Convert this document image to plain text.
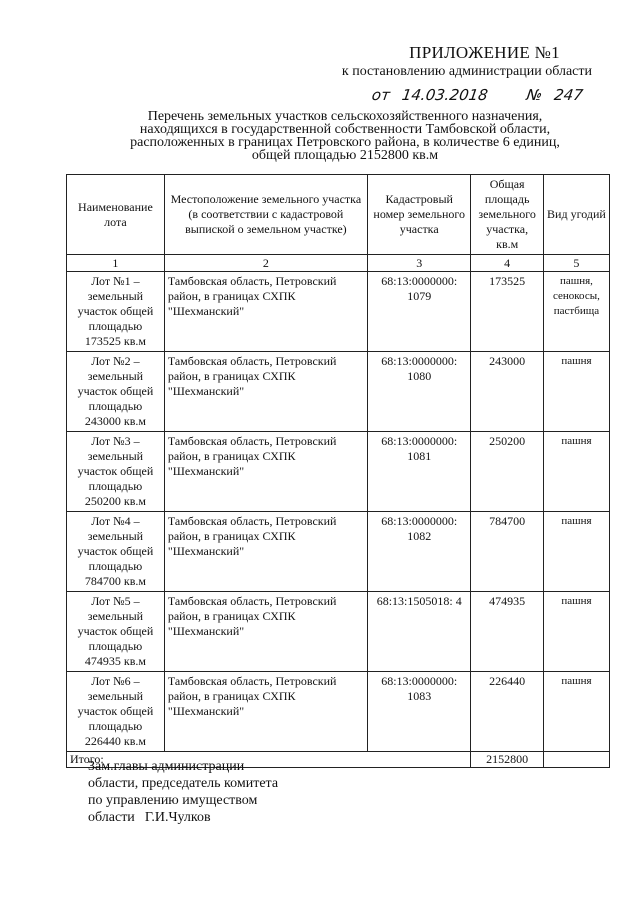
ПРИЛОЖЕНИЕ №1
к постановлению администрации области
от 14.03.2018 № 247
Перечень земельных участков сельскохозяйственного назначения,
находящихся в государственной собственности Тамбовской области,
расположенных в границах Петровского района, в количестве 6 единиц,
общей площадью 2152800 кв.м
Наименование лота	Местоположение земельного участка (в соответствии с кадастровой выпиской о земельном участке)	Кадастровый номер земельного участка	Общая площадь земельного участка, кв.м	Вид угодий
1	2	3	4	5
Лот №1 – земельный участок общей площадью 173525 кв.м	Тамбовская область, Петровский район, в границах СХПК "Шехманский"	68:13:0000000: 1079	173525	пашня, сенокосы, пастбища
Лот №2 – земельный участок общей площадью 243000 кв.м	Тамбовская область, Петровский район, в границах СХПК "Шехманский"	68:13:0000000: 1080	243000	пашня
Лот №3 – земельный участок общей площадью 250200 кв.м	Тамбовская область, Петровский район, в границах СХПК "Шехманский"	68:13:0000000: 1081	250200	пашня
Лот №4 – земельный участок общей площадью 784700 кв.м	Тамбовская область, Петровский район, в границах СХПК "Шехманский"	68:13:0000000: 1082	784700	пашня
Лот №5 – земельный участок общей площадью 474935 кв.м	Тамбовская область, Петровский район, в границах СХПК "Шехманский"	68:13:1505018: 4	474935	пашня
Лот №6 – земельный участок общей площадью 226440 кв.м	Тамбовская область, Петровский район, в границах СХПК "Шехманский"	68:13:0000000: 1083	226440	пашня
Итого:			2152800	
Зам.главы администрации
области, председатель комитета
по управлению имуществом
области Г.И.Чулков
